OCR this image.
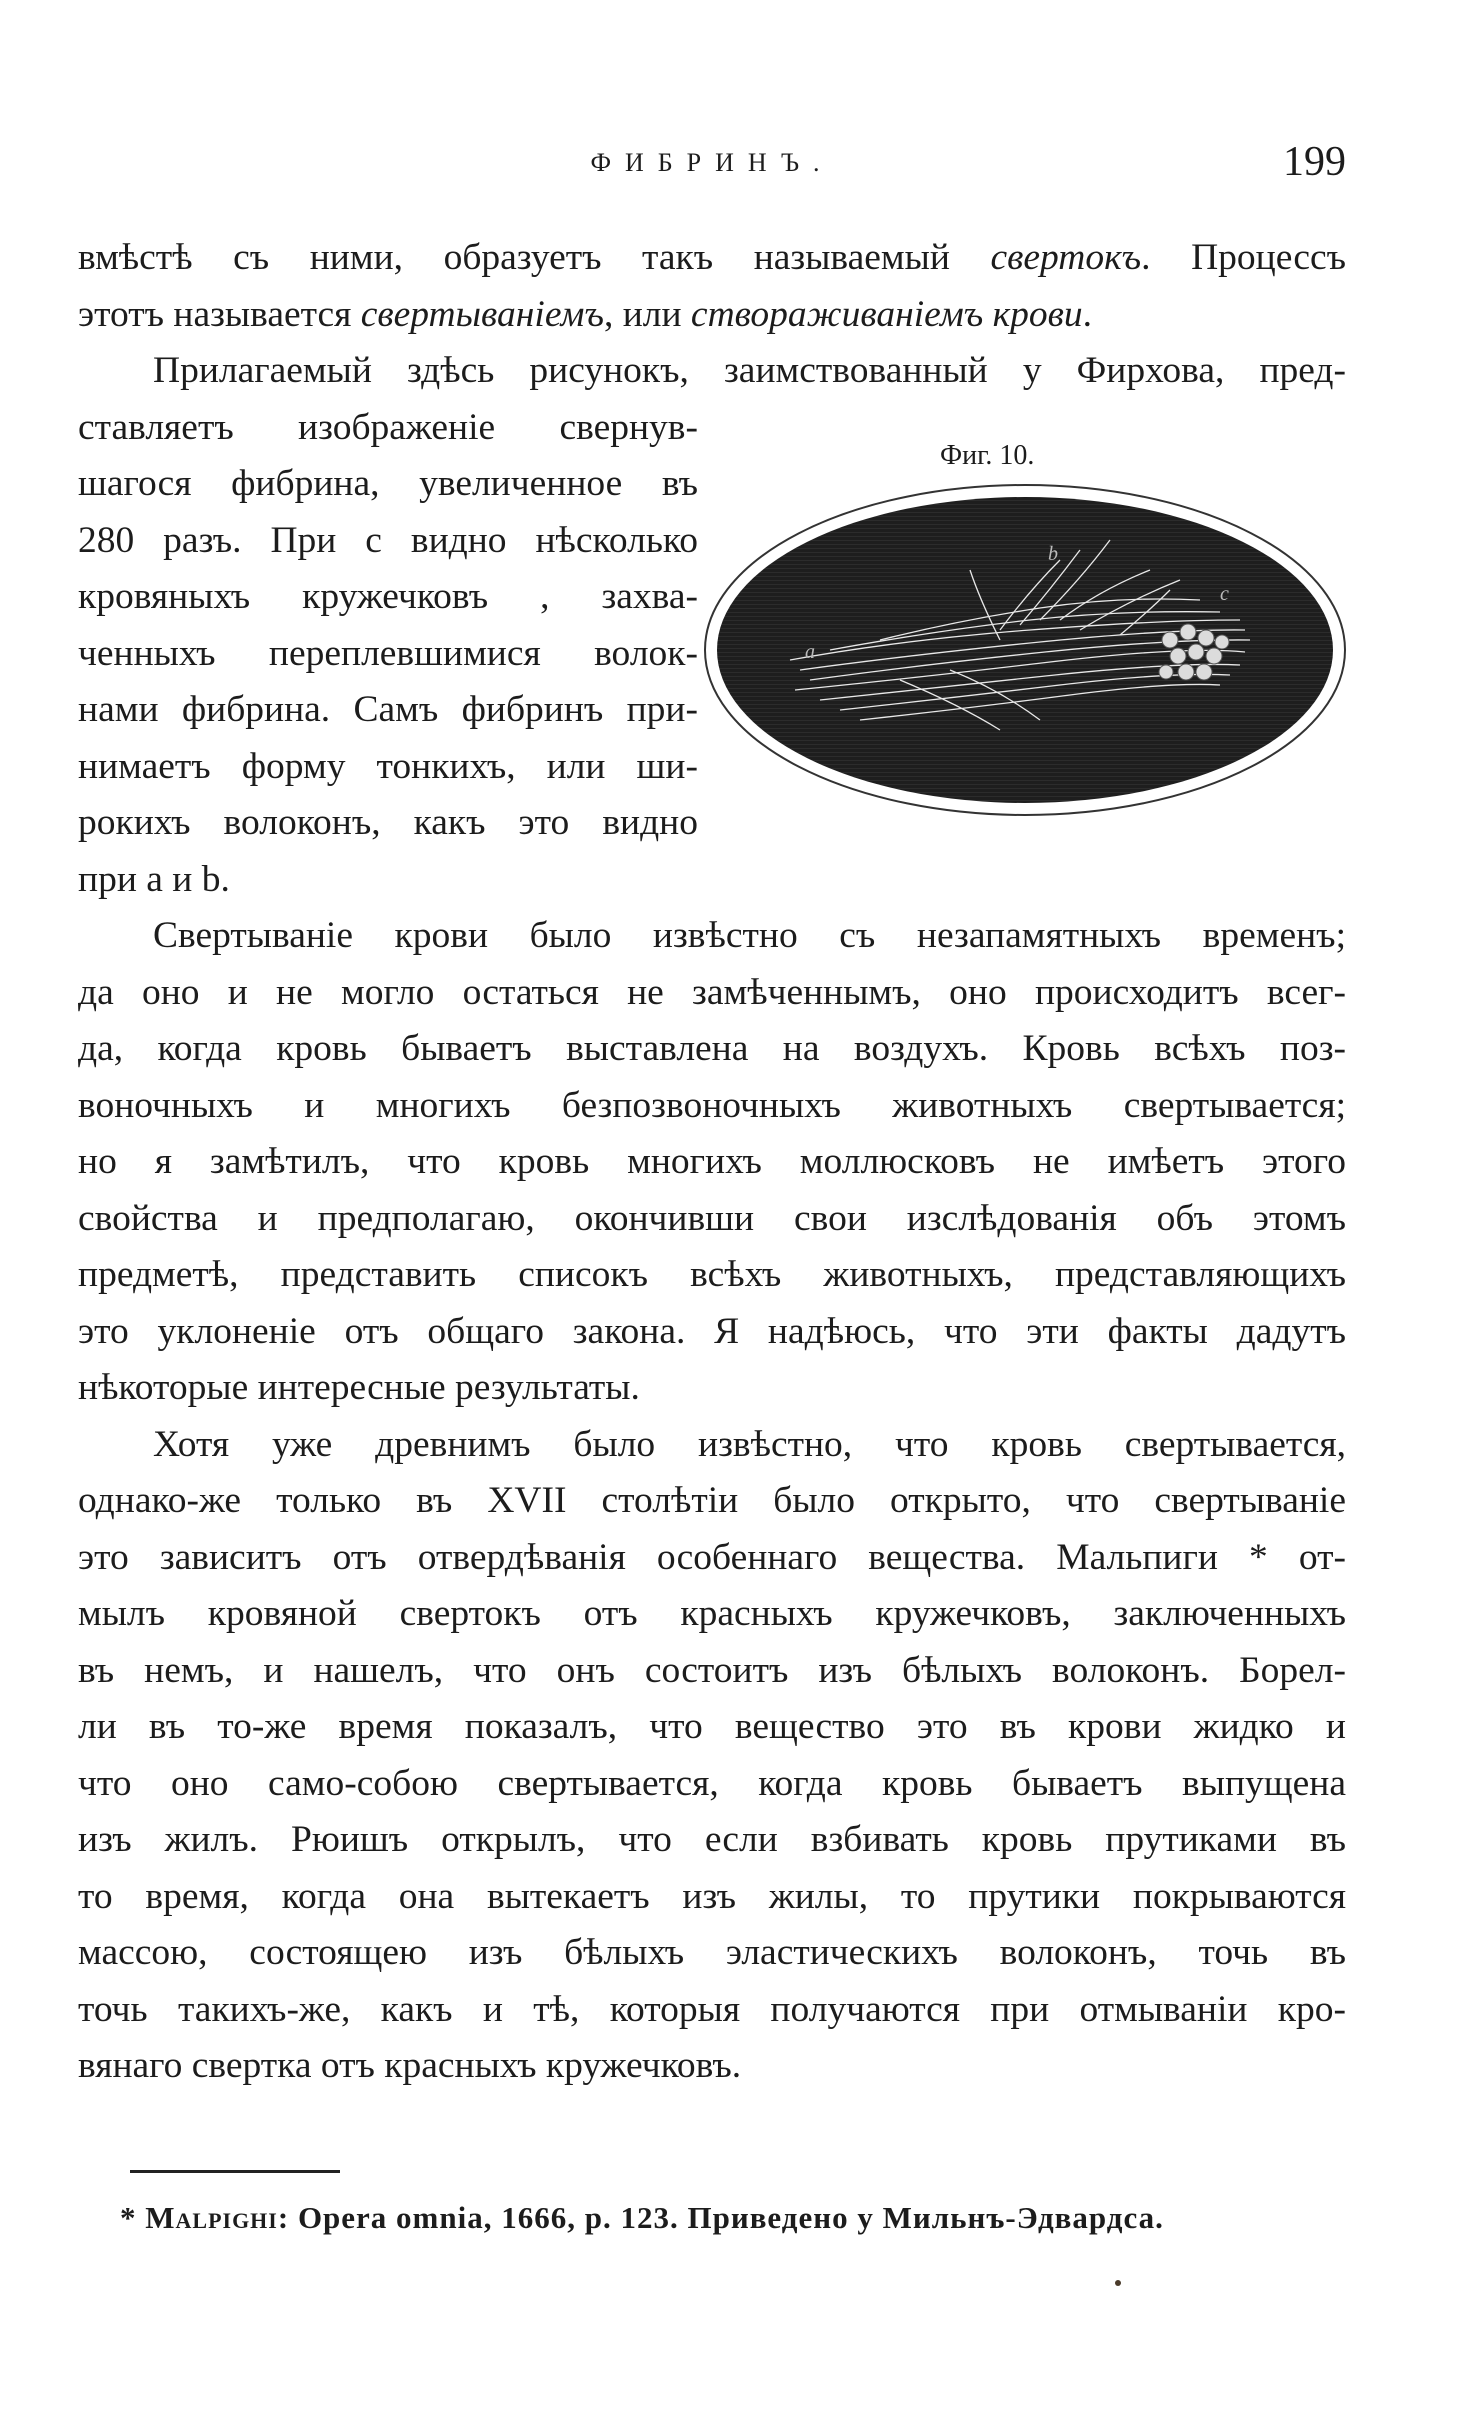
ФИБРИНЪ.	199
вмѣстѣ съ ними, образуетъ такъ называемый свертокъ. Процессъ
этотъ называется свертываніемъ, или створаживаніемъ крови.
Прилагаемый здѣсь рисунокъ, заимствованный у Фирхова, пред-
ставляетъ изображеніе свернув-
шагося фибрина, увеличенное въ
280 разъ. При c видно нѣсколько
кровяныхъ кружечковъ , захва-
ченныхъ переплевшимися волок-
нами фибрина. Самъ фибринъ при-
нимаетъ форму тонкихъ, или ши-
рокихъ волоконъ, какъ это видно
при a и b.
Свертываніе крови было извѣстно съ незапамятныхъ временъ;
да оно и не могло остаться не замѣченнымъ, оно происходитъ всег-
да, когда кровь бываетъ выставлена на воздухъ. Кровь всѣхъ поз-
воночныхъ и многихъ безпозвоночныхъ животныхъ свертывается;
но я замѣтилъ, что кровь многихъ моллюсковъ не имѣетъ этого
свойства и предполагаю, окончивши свои изслѣдованія объ этомъ
предметѣ, представить списокъ всѣхъ животныхъ, представляющихъ
это уклоненіе отъ общаго закона. Я надѣюсь, что эти факты дадутъ
нѣкоторые интересные результаты.
Хотя уже древнимъ было извѣстно, что кровь свертывается,
однако-же только въ XVII столѣтіи было открыто, что свертываніе
это зависитъ отъ отвердѣванія особеннаго вещества. Мальпиги * от-
мылъ кровяной свертокъ отъ красныхъ кружечковъ, заключенныхъ
въ немъ, и нашелъ, что онъ состоитъ изъ бѣлыхъ волоконъ. Борел-
ли въ то-же время показалъ, что вещество это въ крови жидко и
что оно само-собою свертывается, когда кровь бываетъ выпущена
изъ жилъ. Рюишъ открылъ, что если взбивать кровь прутиками въ
то время, когда она вытекаетъ изъ жилы, то прутики покрываются
массою, состоящею изъ бѣлыхъ эластическихъ волоконъ, точь въ
точь такихъ-же, какъ и тѣ, которыя получаются при отмываніи кро-
вянаго свертка отъ красныхъ кружечковъ.
Фиг. 10.
a
b
c
* Malpighi: Opera omnia, 1666, p. 123. Приведено у Мильнъ-Эдвардса.
